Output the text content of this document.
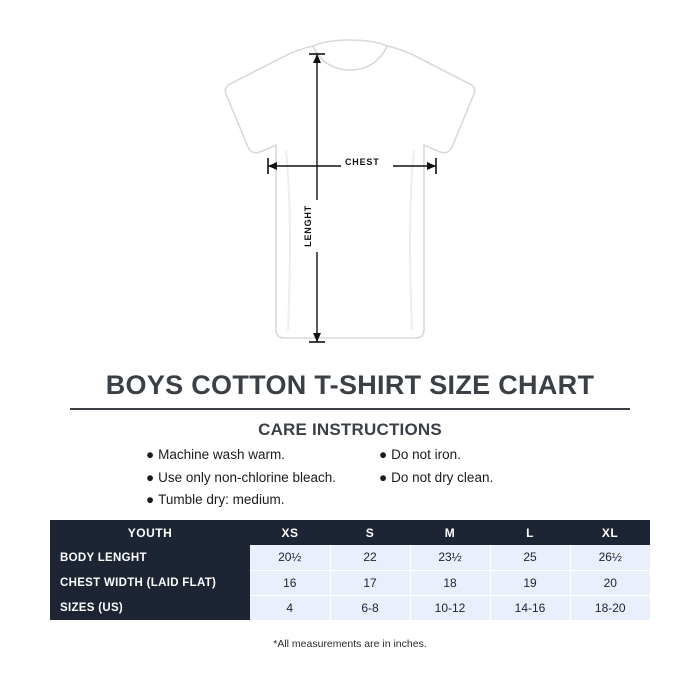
CHEST
LENGHT
BOYS COTTON T-SHIRT SIZE CHART
CARE INSTRUCTIONS
● Machine wash warm.
● Use only non-chlorine bleach.
● Tumble dry: medium.
● Do not iron.
● Do not dry clean.
YOUTH	XS	S	M	L	XL
BODY LENGHT	20½	22	23½	25	26½
CHEST WIDTH (LAID FLAT)	16	17	18	19	20
SIZES (US)	4	6-8	10-12	14-16	18-20
*All measurements are in inches.
